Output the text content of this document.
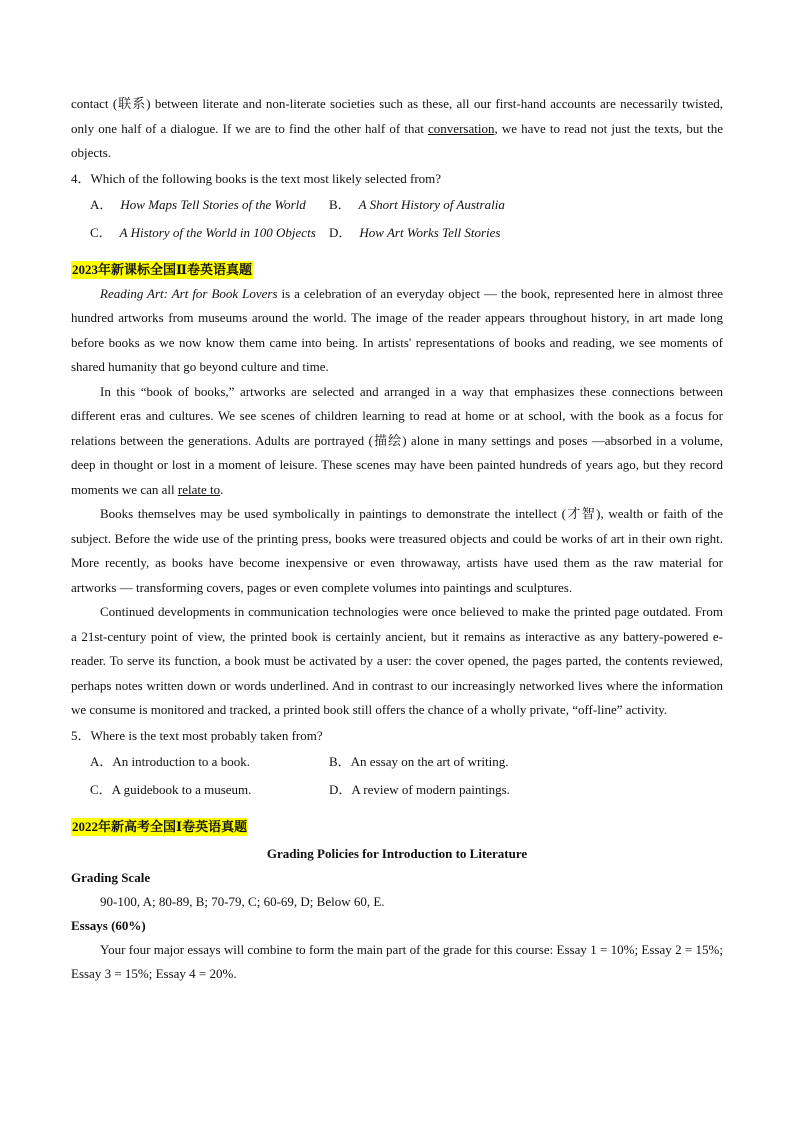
contact (联系) between literate and non-literate societies such as these, all our first-hand accounts are necessarily twisted, only one half of a dialogue. If we are to find the other half of that conversation, we have to read not just the texts, but the objects.

4．Which of the following books is the text most likely selected from?

A． How Maps Tell Stories of the World	B． A Short History of Australia
C． A History of the World in 100 Objects	D． How Art Works Tell Stories
2023年新课标全国Ⅱ卷英语真题

Reading Art: Art for Book Lovers is a celebration of an everyday object — the book, represented here in almost three hundred artworks from museums around the world. The image of the reader appears throughout history, in art made long before books as we now know them came into being. In artists' representations of books and reading, we see moments of shared humanity that go beyond culture and time.

In this “book of books,” artworks are selected and arranged in a way that emphasizes these connections between different eras and cultures. We see scenes of children learning to read at home or at school, with the book as a focus for relations between the generations. Adults are portrayed (描绘) alone in many settings and poses —absorbed in a volume, deep in thought or lost in a moment of leisure. These scenes may have been painted hundreds of years ago, but they record moments we can all relate to.

Books themselves may be used symbolically in paintings to demonstrate the intellect (才智), wealth or faith of the subject. Before the wide use of the printing press, books were treasured objects and could be works of art in their own right. More recently, as books have become inexpensive or even throwaway, artists have used them as the raw material for artworks — transforming covers, pages or even complete volumes into paintings and sculptures.

Continued developments in communication technologies were once believed to make the printed page outdated. From a 21st-century point of view, the printed book is certainly ancient, but it remains as interactive as any battery-powered e-reader. To serve its function, a book must be activated by a user: the cover opened, the pages parted, the contents reviewed, perhaps notes written down or words underlined. And in contrast to our increasingly networked lives where the information we consume is monitored and tracked, a printed book still offers the chance of a wholly private, “off-line” activity.

5．Where is the text most probably taken from?

A．An introduction to a book.	B．An essay on the art of writing.
C．A guidebook to a museum.	D．A review of modern paintings.
2022年新高考全国Ⅰ卷英语真题

Grading Policies for Introduction to Literature

Grading Scale

90-100, A; 80-89, B; 70-79, C; 60-69, D; Below 60, E.

Essays (60%)

Your four major essays will combine to form the main part of the grade for this course: Essay 1 = 10%; Essay 2 = 15%; Essay 3 = 15%; Essay 4 = 20%.
